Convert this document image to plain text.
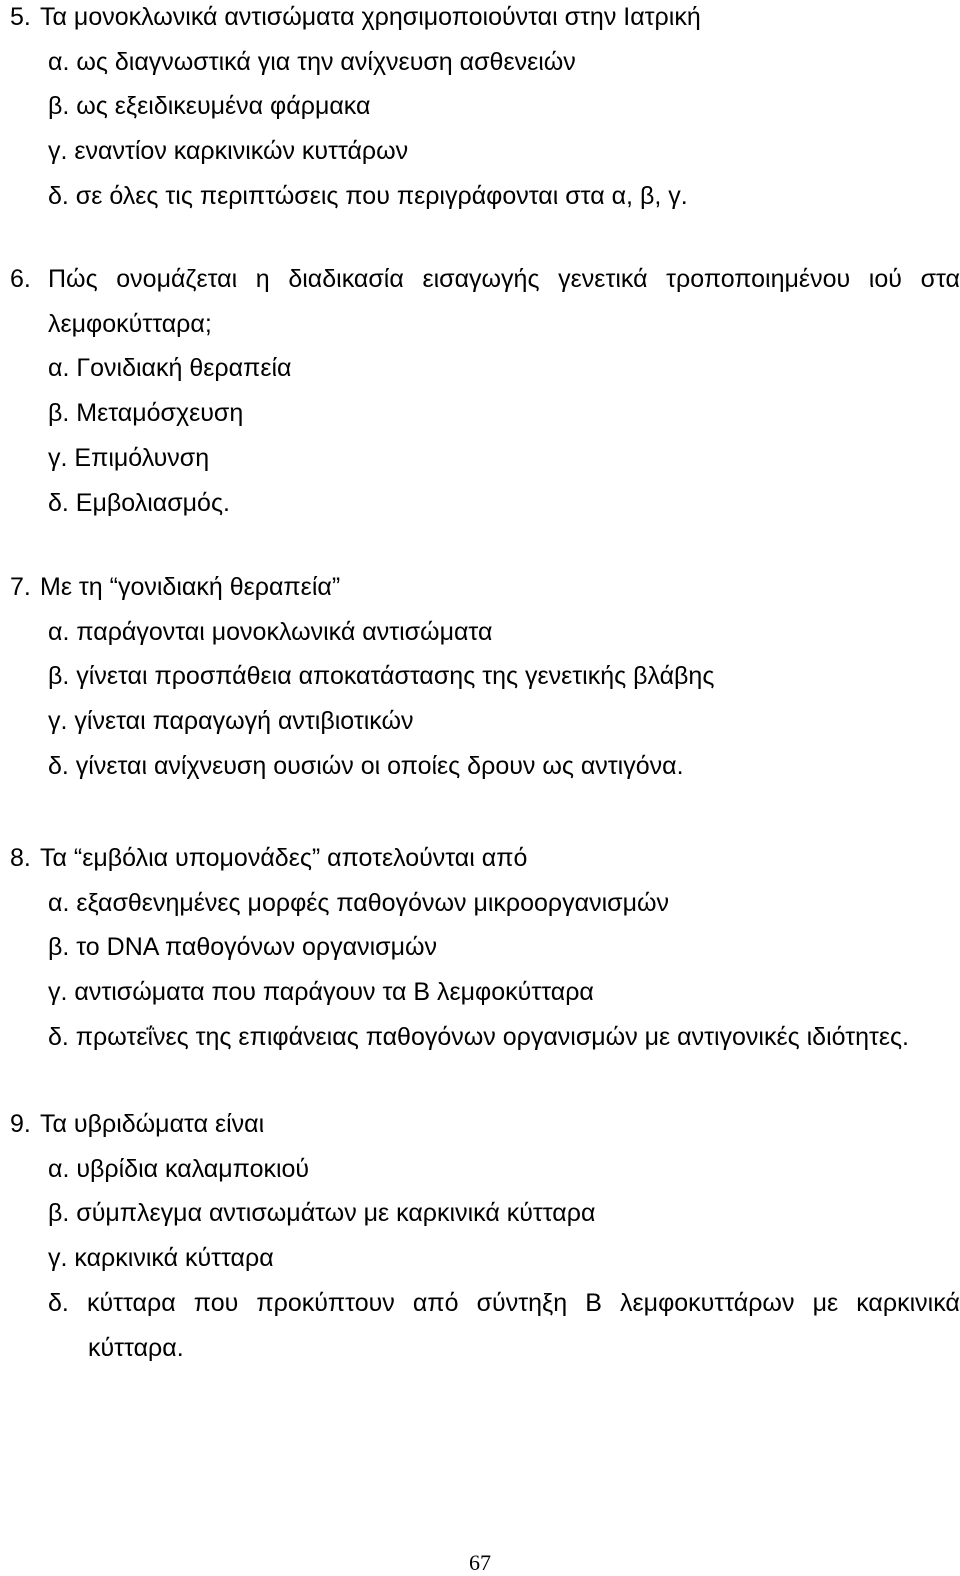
5. Τα μονοκλωνικά αντισώματα χρησιμοποιούνται στην Ιατρική
α. ως διαγνωστικά για την ανίχνευση ασθενειών
β. ως εξειδικευμένα φάρμακα
γ. εναντίον καρκινικών κυττάρων
δ. σε όλες τις περιπτώσεις που περιγράφονται στα α, β, γ.
6. Πώς ονομάζεται η διαδικασία εισαγωγής γενετικά τροποποιημένου ιού στα
λεμφοκύτταρα;
α. Γονιδιακή θεραπεία
β. Μεταμόσχευση
γ. Επιμόλυνση
δ. Εμβολιασμός.
7. Με τη “γονιδιακή θεραπεία”
α. παράγονται μονοκλωνικά αντισώματα
β. γίνεται προσπάθεια αποκατάστασης της γενετικής βλάβης
γ. γίνεται παραγωγή αντιβιοτικών
δ. γίνεται ανίχνευση ουσιών οι οποίες δρουν ως αντιγόνα.
8. Τα “εμβόλια υπομονάδες” αποτελούνται από
α. εξασθενημένες μορφές παθογόνων μικροοργανισμών
β. το DNA παθογόνων οργανισμών
γ. αντισώματα που παράγουν τα Β λεμφοκύτταρα
δ. πρωτεΐνες της επιφάνειας παθογόνων οργανισμών με αντιγονικές ιδιότητες.
9. Τα υβριδώματα είναι
α. υβρίδια καλαμποκιού
β. σύμπλεγμα αντισωμάτων με καρκινικά κύτταρα
γ. καρκινικά κύτταρα
δ. κύτταρα που προκύπτουν από σύντηξη Β λεμφοκυττάρων με καρκινικά
κύτταρα.
67
